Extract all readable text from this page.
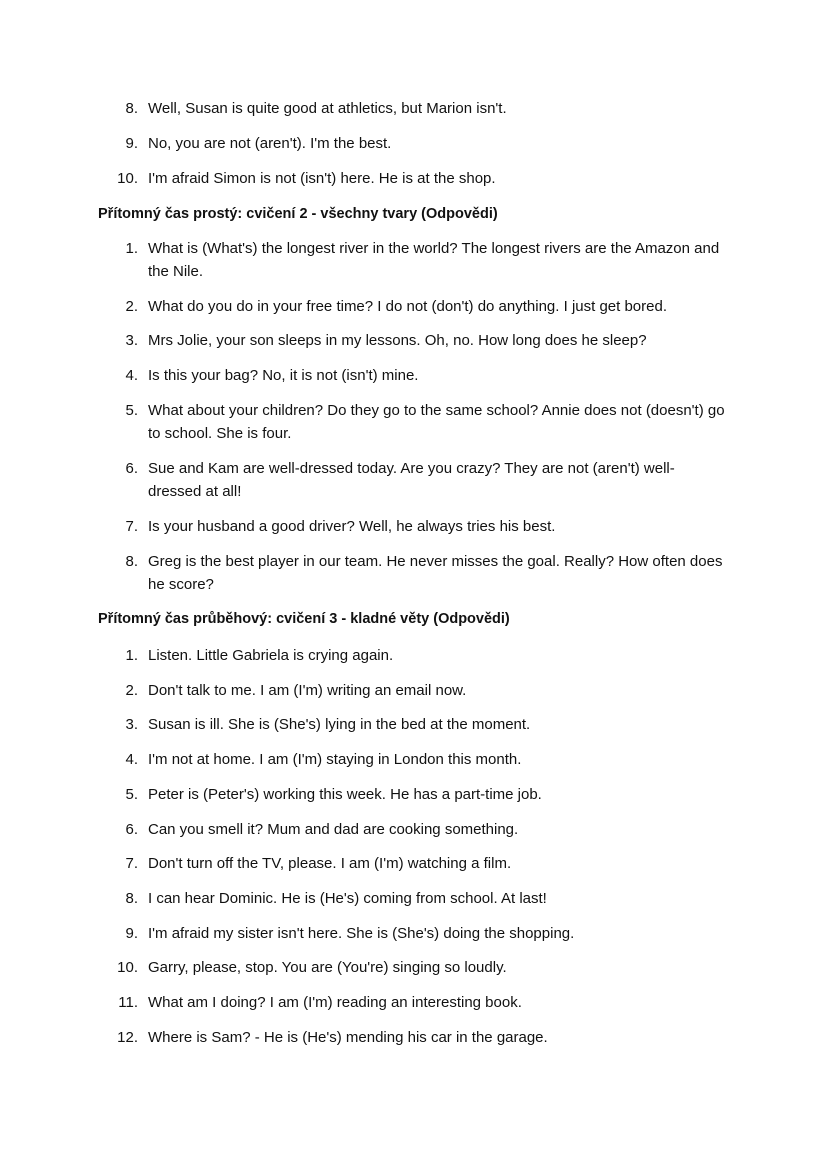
8. Well, Susan is quite good at athletics, but Marion isn't.
9. No, you are not (aren't). I'm the best.
10. I'm afraid Simon is not (isn't) here. He is at the shop.
Přítomný čas prostý: cvičení 2 - všechny tvary (Odpovědi)
1. What is (What's) the longest river in the world? The longest rivers are the Amazon and the Nile.
2. What do you do in your free time? I do not (don't) do anything. I just get bored.
3. Mrs Jolie, your son sleeps in my lessons. Oh, no. How long does he sleep?
4. Is this your bag? No, it is not (isn't) mine.
5. What about your children? Do they go to the same school? Annie does not (doesn't) go to school. She is four.
6. Sue and Kam are well-dressed today. Are you crazy? They are not (aren't) well-dressed at all!
7. Is your husband a good driver? Well, he always tries his best.
8. Greg is the best player in our team. He never misses the goal. Really? How often does he score?
Přítomný čas průběhový: cvičení 3 - kladné věty (Odpovědi)
1. Listen. Little Gabriela is crying again.
2. Don't talk to me. I am (I'm) writing an email now.
3. Susan is ill. She is (She's) lying in the bed at the moment.
4. I'm not at home. I am (I'm) staying in London this month.
5. Peter is (Peter's) working this week. He has a part-time job.
6. Can you smell it? Mum and dad are cooking something.
7. Don't turn off the TV, please. I am (I'm) watching a film.
8. I can hear Dominic. He is (He's) coming from school. At last!
9. I'm afraid my sister isn't here. She is (She's) doing the shopping.
10. Garry, please, stop. You are (You're) singing so loudly.
11. What am I doing? I am (I'm) reading an interesting book.
12. Where is Sam? - He is (He's) mending his car in the garage.
